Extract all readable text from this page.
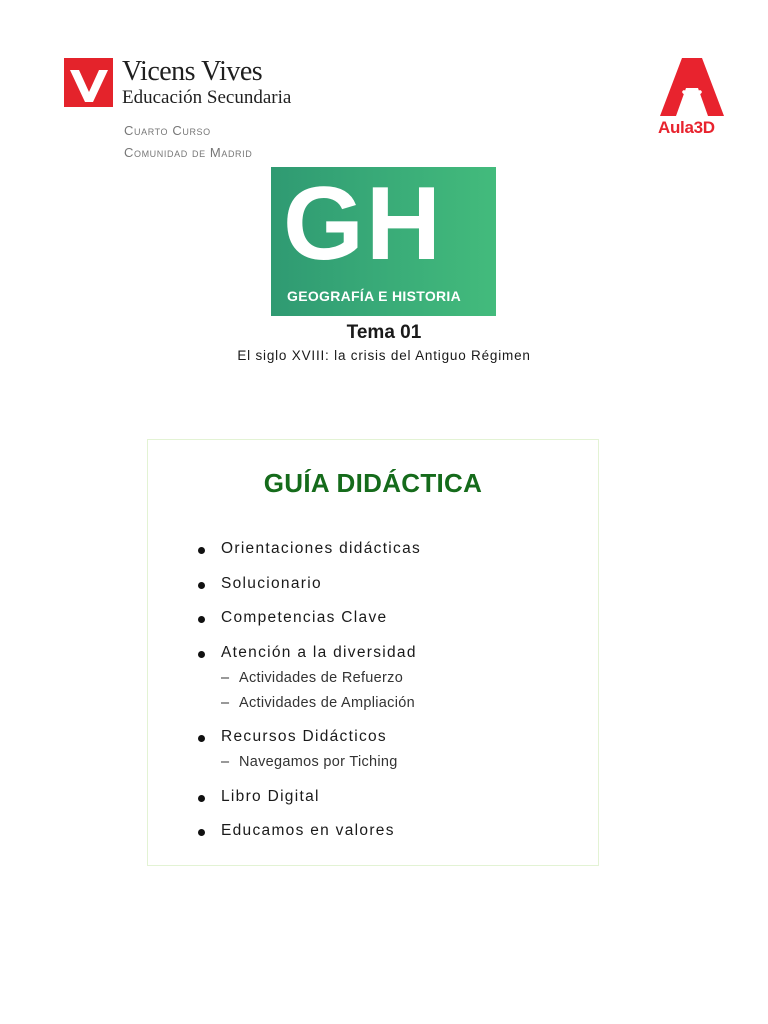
Vicens Vives
Educación Secundaria
Cuarto Curso
Comunidad de Madrid
Aula3D
GH
GEOGRAFÍA E HISTORIA
Tema 01
El siglo XVIII: la crisis del Antiguo Régimen
GUÍA DIDÁCTICA
Orientaciones didácticas
Solucionario
Competencias Clave
Atención a la diversidad
– Actividades de Refuerzo
– Actividades de Ampliación
Recursos Didácticos
– Navegamos por Tiching
Libro Digital
Educamos en valores
